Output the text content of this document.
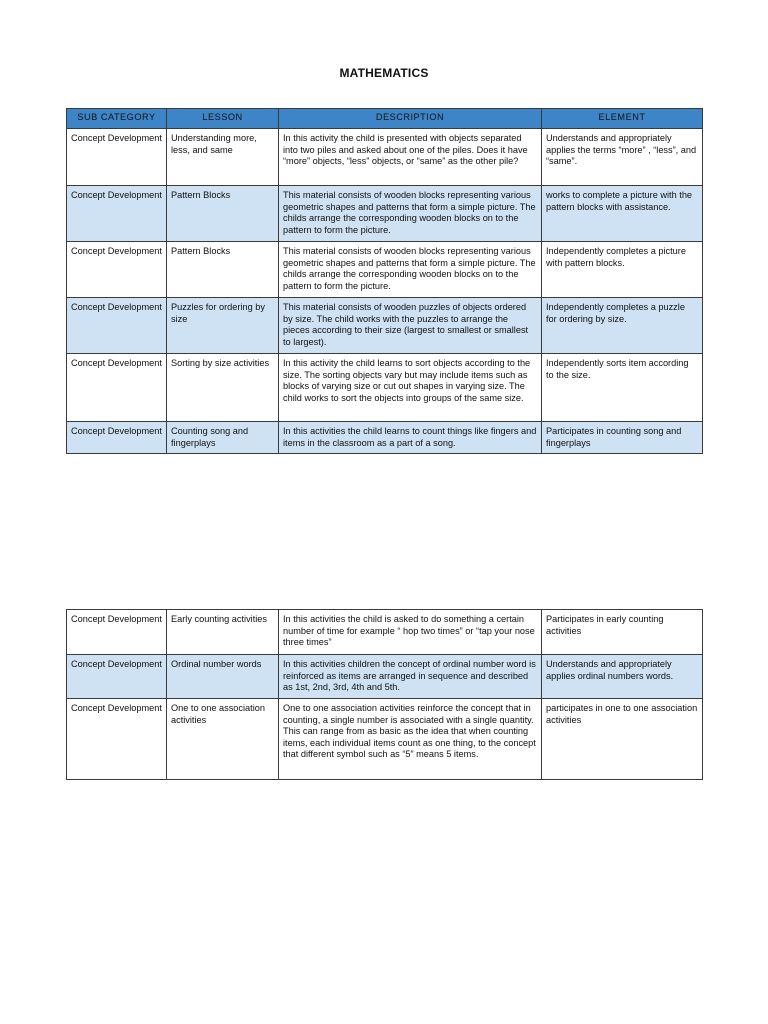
MATHEMATICS
SUB CATEGORY	LESSON	DESCRIPTION	ELEMENT
Concept Development	Understanding more, less, and same	In this activity the child is presented with objects separated into two piles and asked about one of the piles. Does it have “more” objects, “less” objects, or “same” as the other pile?	Understands and appropriately applies the terms “more” , “less”, and “same”.
Concept Development	Pattern Blocks	This material consists of wooden blocks representing various geometric shapes and patterns that form a simple picture. The childs arrange the corresponding wooden blocks on to the pattern to form the picture.	works to complete a picture with the pattern blocks with assistance.
Concept Development	Pattern Blocks	This material consists of wooden blocks representing various geometric shapes and patterns that form a simple picture. The childs arrange the corresponding wooden blocks on to the pattern to form the picture.	Independently completes a picture with pattern blocks.
Concept Development	Puzzles for ordering by size	This material consists of wooden puzzles of objects ordered by size. The child works with the puzzles to arrange the pieces according to their size (largest to smallest or smallest to largest).	Independently completes a puzzle for ordering by size.
Concept Development	Sorting by size activities	In this activity the child learns to sort objects according to the size. The sorting objects vary but may include items such as blocks of varying size or cut out shapes in varying size. The child works to sort the objects into groups of the same size.	Independently sorts item according to the size.
Concept Development	Counting song and fingerplays	In this activities the child learns to count things like fingers and items in the classroom as a part of a song.	Participates in counting song and fingerplays
Concept Development	Early counting activities	In this activities the child is asked to do something a certain number of time for example “ hop two times” or “tap your nose three times”	Participates in early counting activities
Concept Development	Ordinal number words	In this activities children the concept of ordinal number word is reinforced as items are arranged in sequence and described as 1st, 2nd, 3rd, 4th and 5th.	Understands and appropriately applies ordinal numbers words.
Concept Development	One to one association activities	One to one association activities reinforce the concept that in counting, a single number is associated with a single quantity. This can range from as basic as the idea that when counting items, each individual items count as one thing, to the concept that different symbol such as “5” means 5 items.	participates in one to one association activities
